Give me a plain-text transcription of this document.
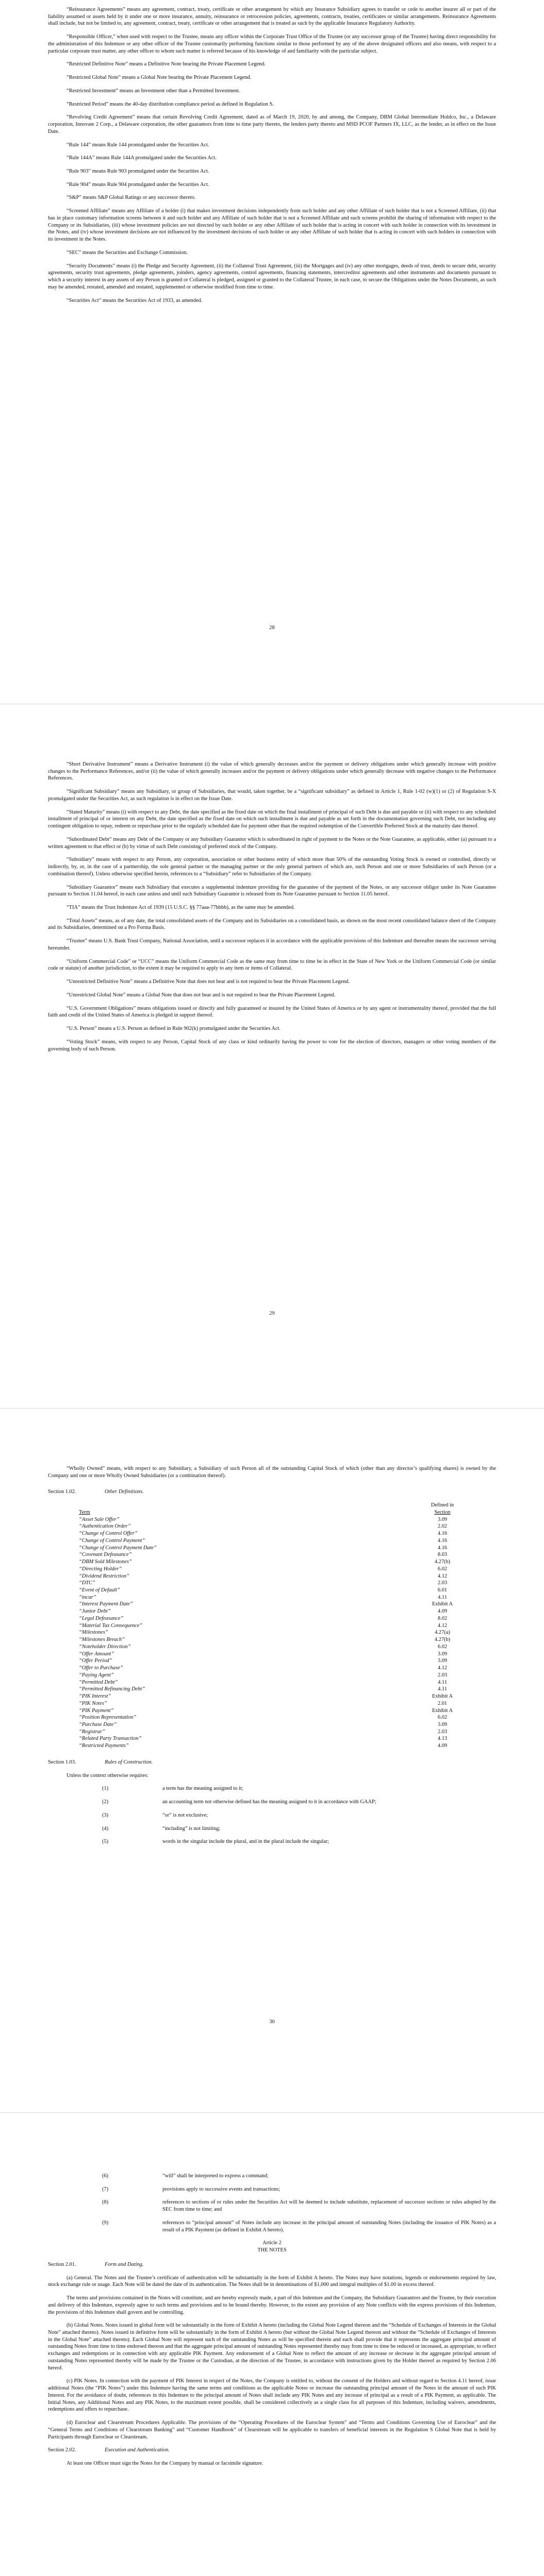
“Reinsurance Agreements” means any agreement, contract, treaty, certificate or other arrangement by which any Insurance Subsidiary agrees to transfer or cede to another insurer all or part of the liability assumed or assets held by it under one or more insurance, annuity, reinsurance or retrocession policies, agreements, contracts, treaties, certificates or similar arrangements. Reinsurance Agreements shall include, but not be limited to, any agreement, contract, treaty, certificate or other arrangement that is treated as such by the applicable Insurance Regulatory Authority.

“Responsible Officer,” when used with respect to the Trustee, means any officer within the Corporate Trust Office of the Trustee (or any successor group of the Trustee) having direct responsibility for the administration of this Indenture or any other officer of the Trustee customarily performing functions similar to those performed by any of the above designated officers and also means, with respect to a particular corporate trust matter, any other officer to whom such matter is referred because of his knowledge of and familiarity with the particular subject.

“Restricted Definitive Note” means a Definitive Note bearing the Private Placement Legend.

“Restricted Global Note” means a Global Note bearing the Private Placement Legend.

“Restricted Investment” means an Investment other than a Permitted Investment.

“Restricted Period” means the 40-day distribution compliance period as defined in Regulation S.

“Revolving Credit Agreement” means that certain Revolving Credit Agreement, dated as of March 19, 2020, by and among, the Company, DBM Global Intermediate Holdco, Inc., a Delaware corporation, Innovate 2 Corp., a Delaware corporation, the other guarantors from time to time party thereto, the lenders party thereto and MSD PCOF Partners IX, LLC, as the lender, as in effect on the Issue Date.

“Rule 144” means Rule 144 promulgated under the Securities Act.

“Rule 144A” means Rule 144A promulgated under the Securities Act.

“Rule 903” means Rule 903 promulgated under the Securities Act.

“Rule 904” means Rule 904 promulgated under the Securities Act.

“S&P” means S&P Global Ratings or any successor thereto.

“Screened Affiliate” means any Affiliate of a holder (i) that makes investment decisions independently from such holder and any other Affiliate of such holder that is not a Screened Affiliate, (ii) that has in place customary information screens between it and such holder and any Affiliate of such holder that is not a Screened Affiliate and such screens prohibit the sharing of information with respect to the Company or its Subsidiaries, (iii) whose investment policies are not directed by such holder or any other Affiliate of such holder that is acting in concert with such holder in connection with its investment in the Notes, and (iv) whose investment decisions are not influenced by the investment decisions of such holder or any other Affiliate of such holder that is acting in concert with such holders in connection with its investment in the Notes.

“SEC” means the Securities and Exchange Commission.

“Security Documents” means (i) the Pledge and Security Agreement, (ii) the Collateral Trust Agreement, (iii) the Mortgages and (iv) any other mortgages, deeds of trust, deeds to secure debt, security agreements, security trust agreements, pledge agreements, joinders, agency agreements, control agreements, financing statements, intercreditor agreements and other instruments and documents pursuant to which a security interest in any assets of any Person is granted or Collateral is pledged, assigned or granted to the Collateral Trustee, in each case, to secure the Obligations under the Notes Documents, as such may be amended, restated, amended and restated, supplemented or otherwise modified from time to time.

“Securities Act” means the Securities Act of 1933, as amended.

28

“Short Derivative Instrument” means a Derivative Instrument (i) the value of which generally decreases and/or the payment or delivery obligations under which generally increase with positive changes to the Performance References, and/or (ii) the value of which generally increases and/or the payment or delivery obligations under which generally decrease with negative changes to the Performance References.

“Significant Subsidiary” means any Subsidiary, or group of Subsidiaries, that would, taken together, be a “significant subsidiary” as defined in Article 1, Rule 1-02 (w)(1) or (2) of Regulation S-X promulgated under the Securities Act, as such regulation is in effect on the Issue Date.

“Stated Maturity” means (i) with respect to any Debt, the date specified as the fixed date on which the final installment of principal of such Debt is due and payable or (ii) with respect to any scheduled installment of principal of or interest on any Debt, the date specified as the fixed date on which such installment is due and payable as set forth in the documentation governing such Debt, not including any contingent obligation to repay, redeem or repurchase prior to the regularly scheduled date for payment other than the required redemption of the Convertible Preferred Stock at the maturity date thereof.

“Subordinated Debt” means any Debt of the Company or any Subsidiary Guarantor which is subordinated in right of payment to the Notes or the Note Guarantee, as applicable, either (a) pursuant to a written agreement to that effect or (b) by virtue of such Debt consisting of preferred stock of the Company.

“Subsidiary” means with respect to any Person, any corporation, association or other business entity of which more than 50% of the outstanding Voting Stock is owned or controlled, directly or indirectly, by, or, in the case of a partnership, the sole general partner or the managing partner or the only general partners of which are, such Person and one or more Subsidiaries of such Person (or a combination thereof). Unless otherwise specified herein, references to a “Subsidiary” refer to Subsidiaries of the Company.

“Subsidiary Guarantor” means each Subsidiary that executes a supplemental indenture providing for the guarantee of the payment of the Notes, or any successor obligor under its Note Guarantee pursuant to Section 11.04 hereof, in each case unless and until such Subsidiary Guarantor is released from its Note Guarantee pursuant to Section 11.05 hereof.

“TIA” means the Trust Indenture Act of 1939 (15 U.S.C. §§ 77aaa-77bbbb), as the same may be amended.

“Total Assets” means, as of any date, the total consolidated assets of the Company and its Subsidiaries on a consolidated basis, as shown on the most recent consolidated balance sheet of the Company and its Subsidiaries, determined on a Pro Forma Basis.

“Trustee” means U.S. Bank Trust Company, National Association, until a successor replaces it in accordance with the applicable provisions of this Indenture and thereafter means the successor serving hereunder.

“Uniform Commercial Code” or “UCC” means the Uniform Commercial Code as the same may from time to time be in effect in the State of New York or the Uniform Commercial Code (or similar code or statute) of another jurisdiction, to the extent it may be required to apply to any item or items of Collateral.

“Unrestricted Definitive Note” means a Definitive Note that does not bear and is not required to bear the Private Placement Legend.

“Unrestricted Global Note” means a Global Note that does not bear and is not required to bear the Private Placement Legend.

“U.S. Government Obligations” means obligations issued or directly and fully guaranteed or insured by the United States of America or by any agent or instrumentality thereof, provided that the full faith and credit of the United States of America is pledged in support thereof.

“U.S. Person” means a U.S. Person as defined in Rule 902(k) promulgated under the Securities Act.

“Voting Stock” means, with respect to any Person, Capital Stock of any class or kind ordinarily having the power to vote for the election of directors, managers or other voting members of the governing body of such Person.

29

“Wholly Owned” means, with respect to any Subsidiary, a Subsidiary of such Person all of the outstanding Capital Stock of which (other than any director’s qualifying shares) is owned by the Company and one or more Wholly Owned Subsidiaries (or a combination thereof).

Section 1.02.	Other Definitions.
Term	Defined in
Section

“Asset Sale Offer”	3.09
“Authentication Order”	2.02
“Change of Control Offer”	4.16
“Change of Control Payment”	4.16
“Change of Control Payment Date”	4.16
“Covenant Defeasance”	8.03
“DBM Sold Milestones”	4.27(b)
“Directing Holder”	6.02
“Dividend Restriction”	4.12
“DTC”	2.03
“Event of Default”	6.01
“incur”	4.11
“Interest Payment Date”	Exhibit A
“Junior Debt”	4.09
“Legal Defeasance”	8.02
“Material Tax Consequence”	4.12
“Milestones”	4.27(a)
“Milestones Breach”	4.27(b)
“Noteholder Direction”	6.02
“Offer Amount”	3.09
“Offer Period”	3.09
“Offer to Purchase”	4.12
“Paying Agent”	2.03
“Permitted Debt”	4.11
“Permitted Refinancing Debt”	4.11
“PIK Interest”	Exhibit A
“PIK Notes”	2.01
“PIK Payment”	Exhibit A
“Position Representation”	6.02
“Purchase Date”	3.09
“Registrar”	2.03
“Related Party Transaction”	4.13
“Restricted Payments”	4.09
Section 1.03.	Rules of Construction.

Unless the context otherwise requires:

(1)	a term has the meaning assigned to it;
(2)	an accounting term not otherwise defined has the meaning assigned to it in accordance with GAAP;
(3)	“or” is not exclusive;
(4)	“including” is not limiting;
(5)	words in the singular include the plural, and in the plural include the singular;
30
(6)	“will” shall be interpreted to express a command;
(7)	provisions apply to successive events and transactions;
(8)	references to sections of or rules under the Securities Act will be deemed to include substitute, replacement of successor sections or rules adopted by the SEC from time to time; and
(9)	references to “principal amount” of Notes include any increase in the principal amount of outstanding Notes (including the issuance of PIK Notes) as a result of a PIK Payment (as defined in Exhibit A hereto).

Article 2

THE NOTES

Section 2.01.	Form and Dating.

(a) General. The Notes and the Trustee’s certificate of authentication will be substantially in the form of Exhibit A hereto. The Notes may have notations, legends or endorsements required by law, stock exchange rule or usage. Each Note will be dated the date of its authentication. The Notes shall be in denominations of $1,000 and integral multiples of $1.00 in excess thereof.

The terms and provisions contained in the Notes will constitute, and are hereby expressly made, a part of this Indenture and the Company, the Subsidiary Guarantors and the Trustee, by their execution and delivery of this Indenture, expressly agree to such terms and provisions and to be bound thereby. However, to the extent any provision of any Note conflicts with the express provisions of this Indenture, the provisions of this Indenture shall govern and be controlling.

(b) Global Notes. Notes issued in global form will be substantially in the form of Exhibit A hereto (including the Global Note Legend thereon and the “Schedule of Exchanges of Interests in the Global Note” attached thereto). Notes issued in definitive form will be substantially in the form of Exhibit A hereto (but without the Global Note Legend thereon and without the “Schedule of Exchanges of Interests in the Global Note” attached thereto). Each Global Note will represent such of the outstanding Notes as will be specified therein and each shall provide that it represents the aggregate principal amount of outstanding Notes from time to time endorsed thereon and that the aggregate principal amount of outstanding Notes represented thereby may from time to time be reduced or increased, as appropriate, to reflect exchanges and redemptions or in connection with any applicable PIK Payment. Any endorsement of a Global Note to reflect the amount of any increase or decrease in the aggregate principal amount of outstanding Notes represented thereby will be made by the Trustee or the Custodian, at the direction of the Trustee, in accordance with instructions given by the Holder thereof as required by Section 2.06 hereof.

(c) PIK Notes. In connection with the payment of PIK Interest in respect of the Notes, the Company is entitled to, without the consent of the Holders and without regard to Section 4.11 hereof, issue additional Notes (the “PIK Notes”) under this Indenture having the same terms and conditions as the applicable Notes or increase the outstanding principal amount of the Notes in the amount of such PIK Interest. For the avoidance of doubt, references in this Indenture to the principal amount of Notes shall include any PIK Notes and any increase of principal as a result of a PIK Payment, as applicable. The Initial Notes, any Additional Notes and any PIK Notes, to the maximum extent possible, shall be considered collectively as a single class for all purposes of this Indenture, including waivers, amendments, redemptions and offers to repurchase.

(d) Euroclear and Clearstream Procedures Applicable. The provisions of the “Operating Procedures of the Euroclear System” and “Terms and Conditions Governing Use of Euroclear” and the “General Terms and Conditions of Clearstream Banking” and “Customer Handbook” of Clearstream will be applicable to transfers of beneficial interests in the Regulation S Global Note that is held by Participants through Euroclear or Clearstream.

Section 2.02.	Execution and Authentication.

At least one Officer must sign the Notes for the Company by manual or facsimile signature.
